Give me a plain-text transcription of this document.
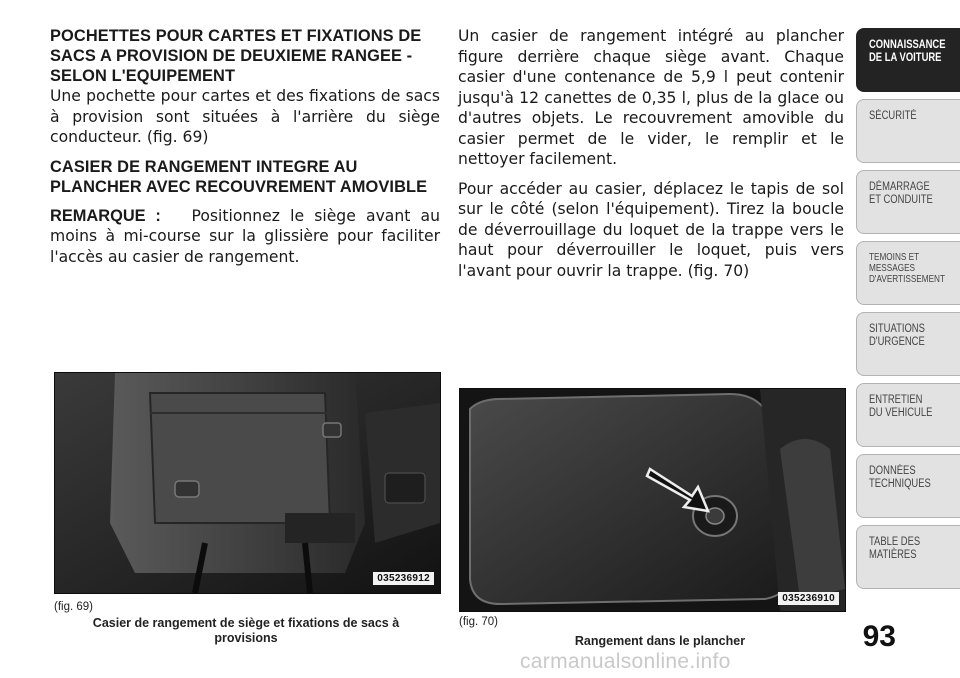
POCHETTES POUR CARTES ET FIXATIONS DE SACS A PROVISION DE DEUXIEME RANGEE - SELON L'EQUIPEMENT

Une pochette pour cartes et des fixations de sacs à provision sont situées à l'arrière du siège conducteur. (fig. 69)

CASIER DE RANGEMENT INTEGRE AU PLANCHER AVEC RECOUVREMENT AMOVIBLE

REMARQUE : Positionnez le siège avant au moins à mi-course sur la glissière pour faciliter l'accès au casier de rangement.

Un casier de rangement intégré au plancher figure derrière chaque siège avant. Chaque casier d'une contenance de 5,9 l peut contenir jusqu'à 12 canettes de 0,35 l, plus de la glace ou d'autres objets. Le recouvrement amovible du casier permet de le vider, le remplir et le nettoyer facilement.

Pour accéder au casier, déplacez le tapis de sol sur le côté (selon l'équipement). Tirez la boucle de déverrouillage du loquet de la trappe vers le haut pour déverrouiller le loquet, puis vers l'avant pour ouvrir la trappe. (fig. 70)

035236912
(fig. 69)
Casier de rangement de siège et fixations de sacs à provisions
035236910
(fig. 70)
Rangement dans le plancher	93
CONNAISSANCE
DE LA VOITURE
SÉCURITÉ
DÉMARRAGE
ET CONDUITE
TEMOINS ET
MESSAGES
D'AVERTISSEMENT
SITUATIONS
D'URGENCE
ENTRETIEN
DU VEHICULE
DONNÉES
TECHNIQUES
TABLE DES
MATIÈRES
carmanualsonline.info
